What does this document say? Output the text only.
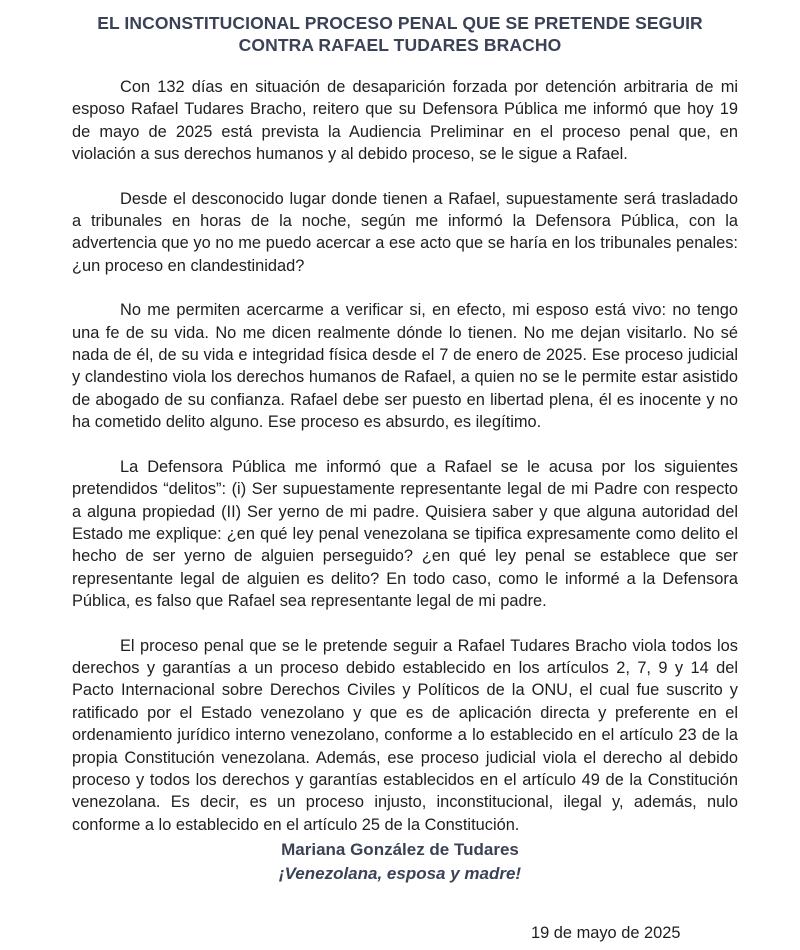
EL INCONSTITUCIONAL PROCESO PENAL QUE SE PRETENDE SEGUIR
CONTRA RAFAEL TUDARES BRACHO

Con 132 días en situación de desaparición forzada por detención arbitraria de mi esposo Rafael Tudares Bracho, reitero que su Defensora Pública me informó que hoy 19 de mayo de 2025 está prevista la Audiencia Preliminar en el proceso penal que, en violación a sus derechos humanos y al debido proceso, se le sigue a Rafael.

Desde el desconocido lugar donde tienen a Rafael, supuestamente será trasladado a tribunales en horas de la noche, según me informó la Defensora Pública, con la advertencia que yo no me puedo acercar a ese acto que se haría en los tribunales penales: ¿un proceso en clandestinidad?

No me permiten acercarme a verificar si, en efecto, mi esposo está vivo: no tengo una fe de su vida. No me dicen realmente dónde lo tienen. No me dejan visitarlo. No sé nada de él, de su vida e integridad física desde el 7 de enero de 2025. Ese proceso judicial y clandestino viola los derechos humanos de Rafael, a quien no se le permite estar asistido de abogado de su confianza. Rafael debe ser puesto en libertad plena, él es inocente y no ha cometido delito alguno. Ese proceso es absurdo, es ilegítimo.

La Defensora Pública me informó que a Rafael se le acusa por los siguientes pretendidos “delitos”: (i) Ser supuestamente representante legal de mi Padre con respecto a alguna propiedad (II) Ser yerno de mi padre. Quisiera saber y que alguna autoridad del Estado me explique: ¿en qué ley penal venezolana se tipifica expresamente como delito el hecho de ser yerno de alguien perseguido? ¿en qué ley penal se establece que ser representante legal de alguien es delito? En todo caso, como le informé a la Defensora Pública, es falso que Rafael sea representante legal de mi padre.

El proceso penal que se le pretende seguir a Rafael Tudares Bracho viola todos los derechos y garantías a un proceso debido establecido en los artículos 2, 7, 9 y 14 del Pacto Internacional sobre Derechos Civiles y Políticos de la ONU, el cual fue suscrito y ratificado por el Estado venezolano y que es de aplicación directa y preferente en el ordenamiento jurídico interno venezolano, conforme a lo establecido en el artículo 23 de la propia Constitución venezolana. Además, ese proceso judicial viola el derecho al debido proceso y todos los derechos y garantías establecidos en el artículo 49 de la Constitución venezolana. Es decir, es un proceso injusto, inconstitucional, ilegal y, además, nulo conforme a lo establecido en el artículo 25 de la Constitución.

Mariana González de Tudares
¡Venezolana, esposa y madre!
19 de mayo de 2025
